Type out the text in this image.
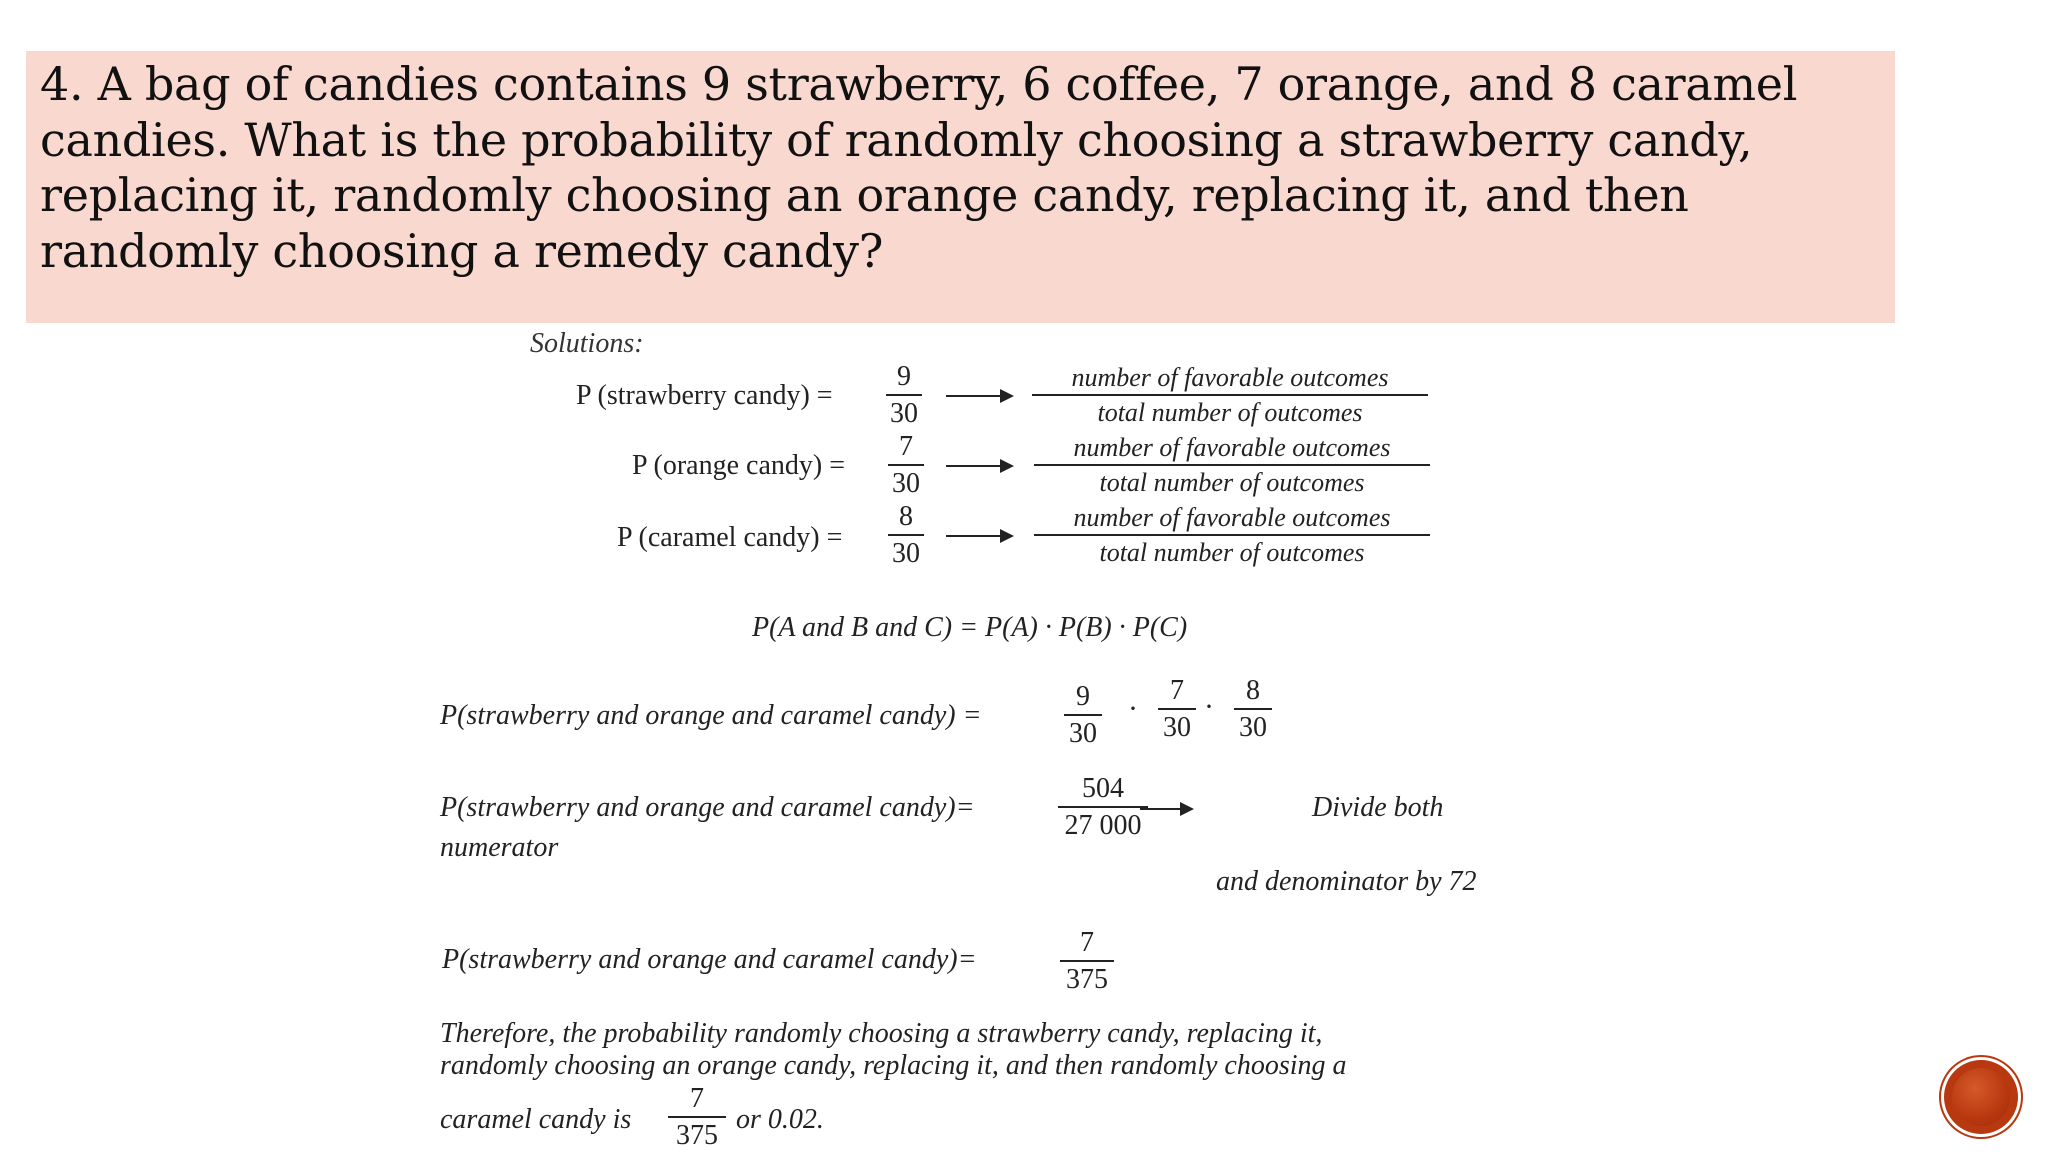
4. A bag of candies contains 9 strawberry, 6 coffee, 7 orange, and 8 caramel candies. What is the probability of randomly choosing a strawberry candy, replacing it, randomly choosing an orange candy, replacing it, and then randomly choosing a remedy candy?

Solutions:
P (strawberry candy) =
9
30
number of favorable outcomes
total number of outcomes
P (orange candy) =
7
30
number of favorable outcomes
total number of outcomes
P (caramel candy) =
8
30
number of favorable outcomes
total number of outcomes
P(A and B and C) = P(A) · P(B) · P(C)
P(strawberry and orange and caramel candy) =
9
30
·
7
30
· 8
30
P(strawberry and orange and caramel candy)=
504
27 000
Divide both
numerator
and denominator by 72
P(strawberry and orange and caramel candy)=
7
375
Therefore, the probability randomly choosing a strawberry candy, replacing it,
randomly choosing an orange candy, replacing it, and then randomly choosing a
caramel candy is
7
375
or 0.02.
